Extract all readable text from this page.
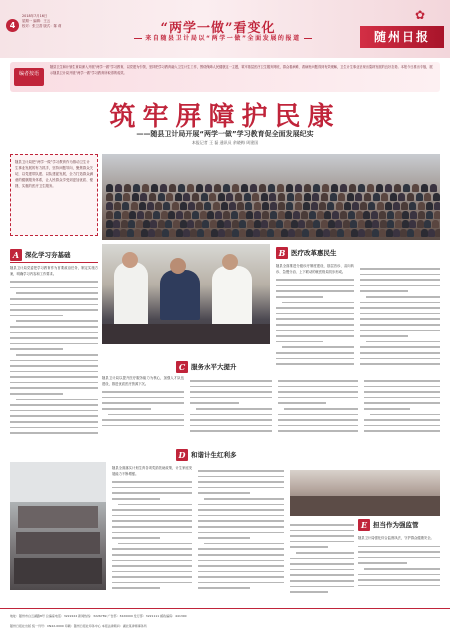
4
2018年7月16日
星期一 编辑：王云
校对：张卫香 版式：陈 莉	“两学一做”看变化
来自随县卫计局以“两学一做”全面发展的报道
✿
随州日报
编者按语
随县卫生和计划生育局深入开展“两学一做”学习教育，以党建为引领，坚持把学习教育融入卫生计生工作，围绕保障人民健康这一主题，筑牢基层医疗卫生服务网底，群众看病难、看病贵问题得到有效缓解，卫生计生事业呈现出蓬勃发展的良好态势。本报今日推出专版，展示随县卫计局开展“两学一做”学习教育所取得的成效。
筑牢屏障护民康
——随县卫计局开展“两学一做”学习教育促全面发展纪实
本报记者 王 磊 通讯员 余晓梅 周建国

随县卫计局把“两学一做”学习教育作为推动卫生计生事业发展的有力抓手，坚持问题导向，聚焦群众关切，以党建带队建、以队建促发展，全力打造群众满意的健康服务体系，让人民群众享受到更加优质、便捷、实惠的医疗卫生服务。

A 深化学习夯基础
随县卫计局党委把学习教育作为首要政治任务，制定实施方案，明确学习内容和工作要求。
B 医疗改革惠民生
随县全面推进分级诊疗制度建设，基层首诊、双向转诊、急慢分治、上下联动的就医格局初步形成。
C 服务水平大提升
随县卫计局以提升医疗服务能力为核心，加强人才队伍建设，推进优质医疗资源下沉。
D 和谐计生红利多
随县全面落实计划生育各项奖励扶助政策，计生家庭发展能力不断增强。
E 担当作为强监管
随县卫计局强化综合监督执法，守护群众健康安全。
地址：随州市白云湖路8号 总编室电话：3222222 新闻热线：3226789 广告部：3220000 发行部：3221111 邮政编码：441300
随州日报社出版 统一刊号：CN42-0000 印刷：随州日报社印务中心 本报法律顾问：湖北某律师事务所
